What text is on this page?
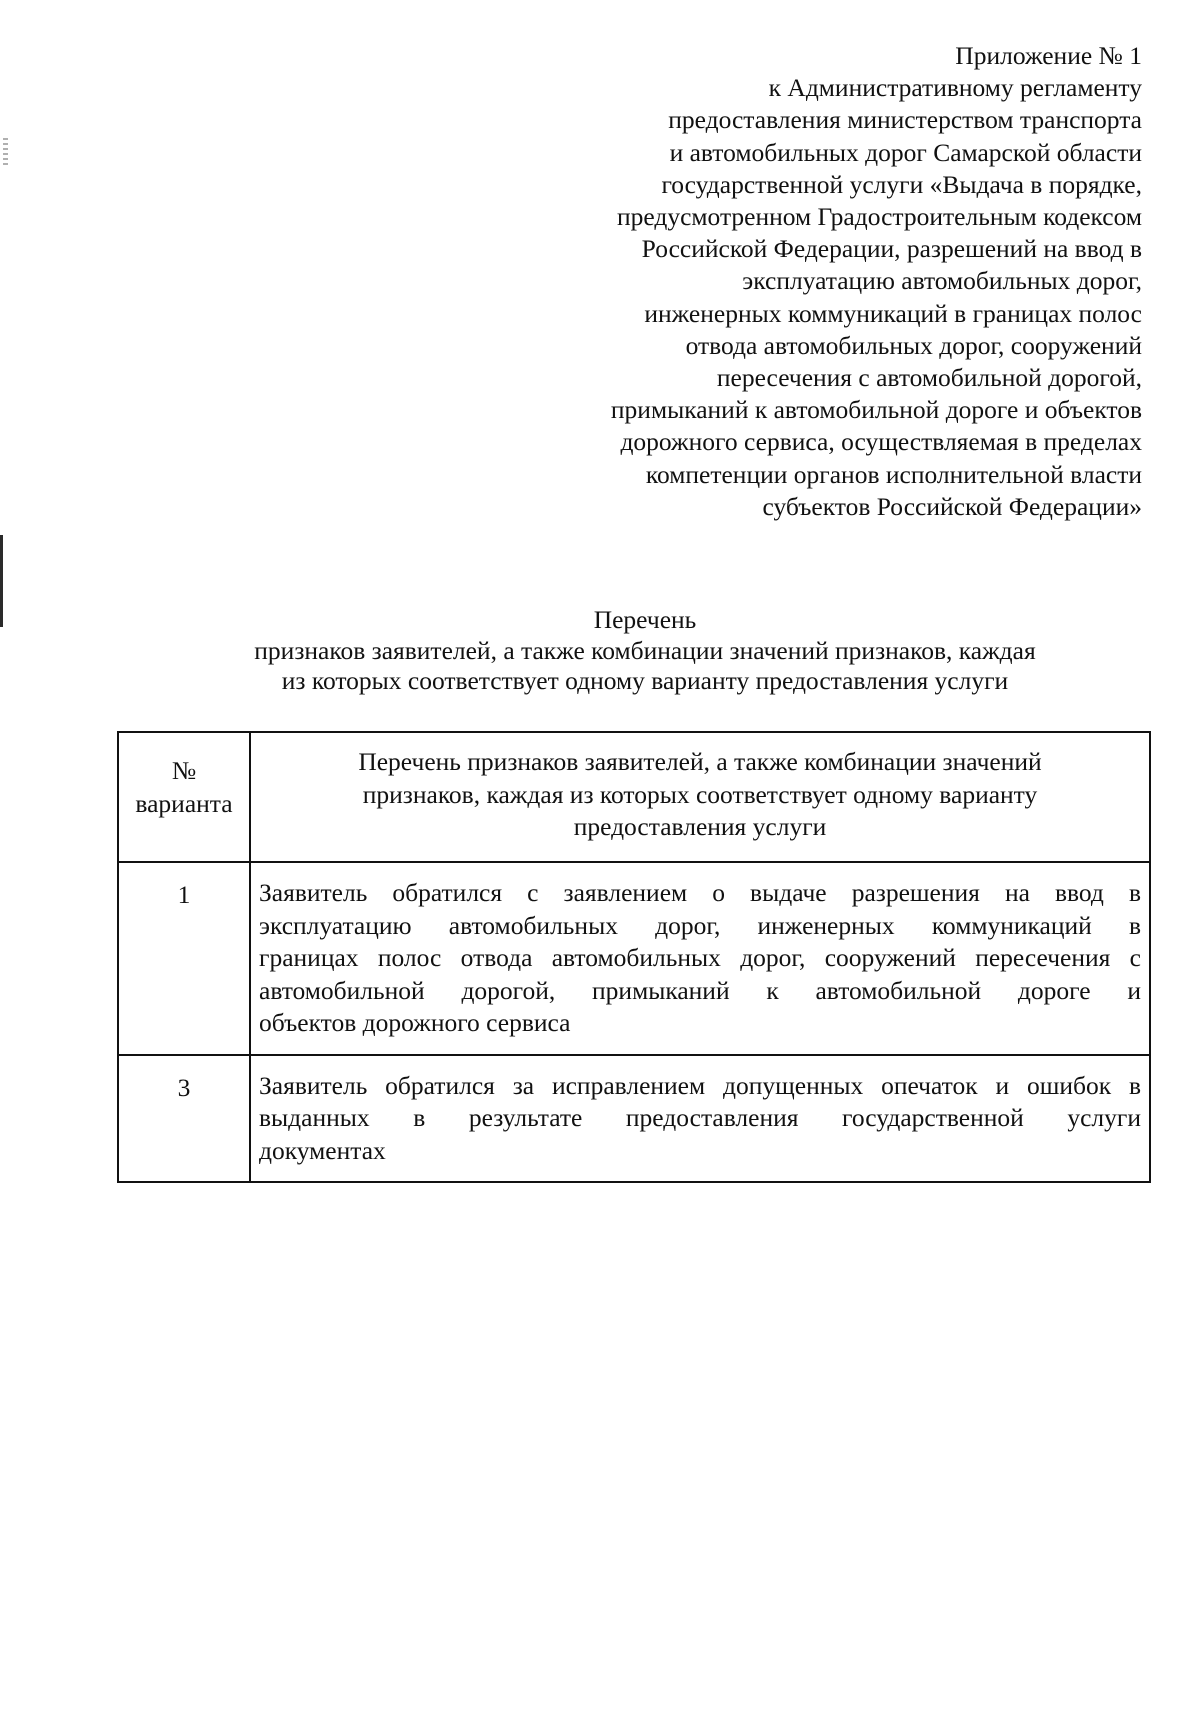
Приложение № 1
к Административному регламенту
предоставления министерством транспорта
и автомобильных дорог Самарской области
государственной услуги «Выдача в порядке,
предусмотренном Градостроительным кодексом
Российской Федерации, разрешений на ввод в
эксплуатацию автомобильных дорог,
инженерных коммуникаций в границах полос
отвода автомобильных дорог, сооружений
пересечения с автомобильной дорогой,
примыканий к автомобильной дороге и объектов
дорожного сервиса, осуществляемая в пределах
компетенции органов исполнительной власти
субъектов Российской Федерации»
Перечень
признаков заявителей, а также комбинации значений признаков, каждая
из которых соответствует одному варианту предоставления услуги
№
варианта	Перечень признаков заявителей, а также комбинации значений
признаков, каждая из которых соответствует одному варианту
предоставления услуги

1	Заявитель обратился с заявлением о выдаче разрешения на ввод в
эксплуатацию автомобильных дорог, инженерных коммуникаций в
границах полос отвода автомобильных дорог, сооружений пересечения с
автомобильной дорогой, примыканий к автомобильной дороге и
объектов дорожного сервиса

3	Заявитель обратился за исправлением допущенных опечаток и ошибок в
выданных в результате предоставления государственной услуги
документах
